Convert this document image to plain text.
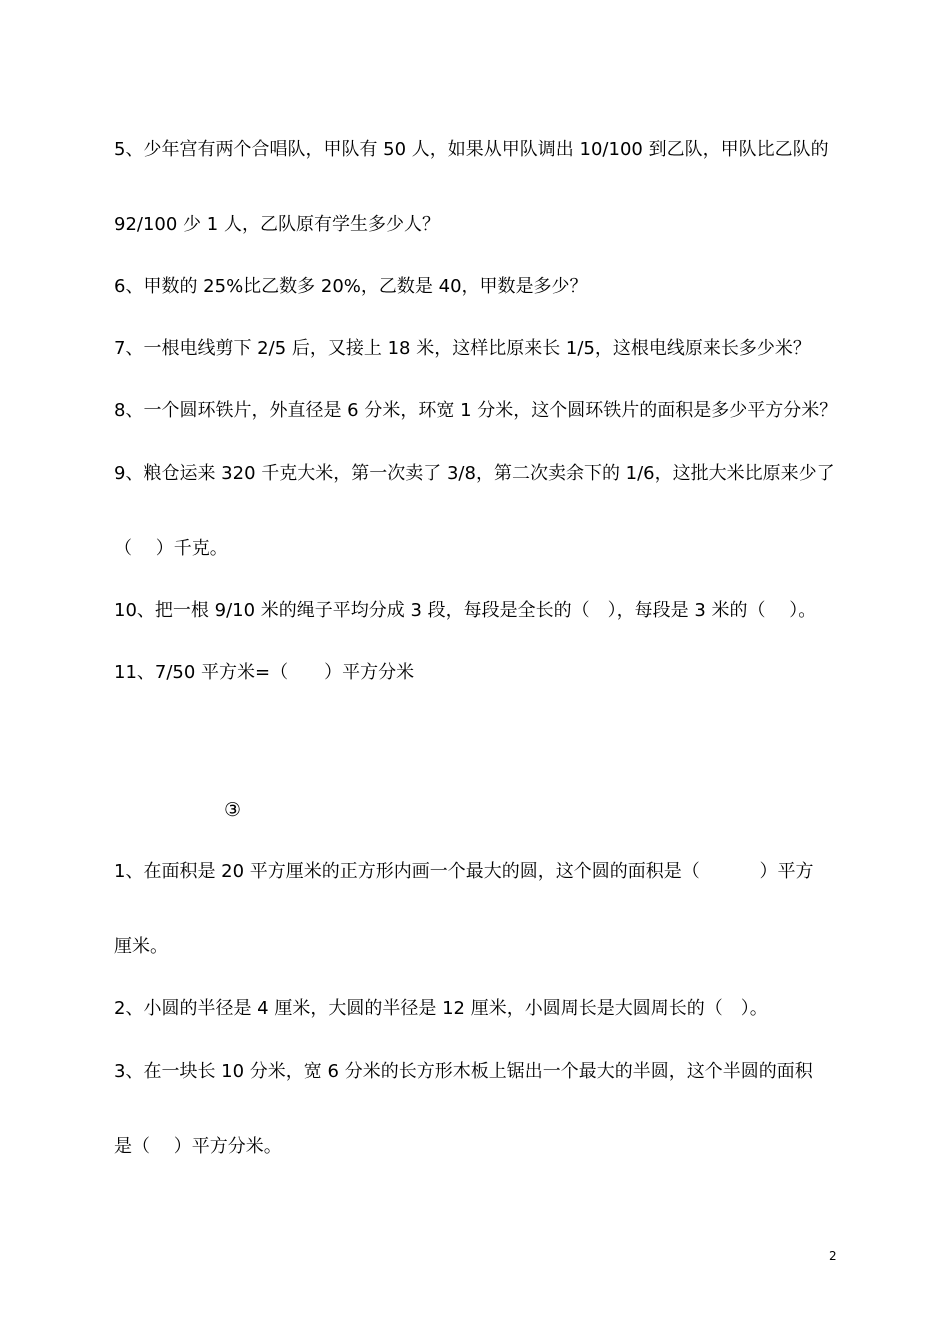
5、少年宫有两个合唱队，甲队有 50 人，如果从甲队调出 10/100 到乙队，甲队比乙队的
92/100 少 1 人，乙队原有学生多少人？
6、甲数的 25%比乙数多 20%，乙数是 40，甲数是多少？
7、一根电线剪下 2/5 后，又接上 18 米，这样比原来长 1/5，这根电线原来长多少米？
8、一个圆环铁片，外直径是 6 分米，环宽 1 分米，这个圆环铁片的面积是多少平方分米？
9、粮仓运来 320 千克大米，第一次卖了 3/8，第二次卖余下的 1/6，这批大米比原来少了
（　 ）千克。
10、把一根 9/10 米的绳子平均分成 3 段，每段是全长的（　），每段是 3 米的（　 ）。
11、7/50 平方米=（　　）平方分米
③
1、在面积是 20 平方厘米的正方形内画一个最大的圆，这个圆的面积是（　　　 ）平方
厘米。
2、小圆的半径是 4 厘米，大圆的半径是 12 厘米，小圆周长是大圆周长的（　）。
3、在一块长 10 分米，宽 6 分米的长方形木板上锯出一个最大的半圆，这个半圆的面积
是（　 ）平方分米。
2
